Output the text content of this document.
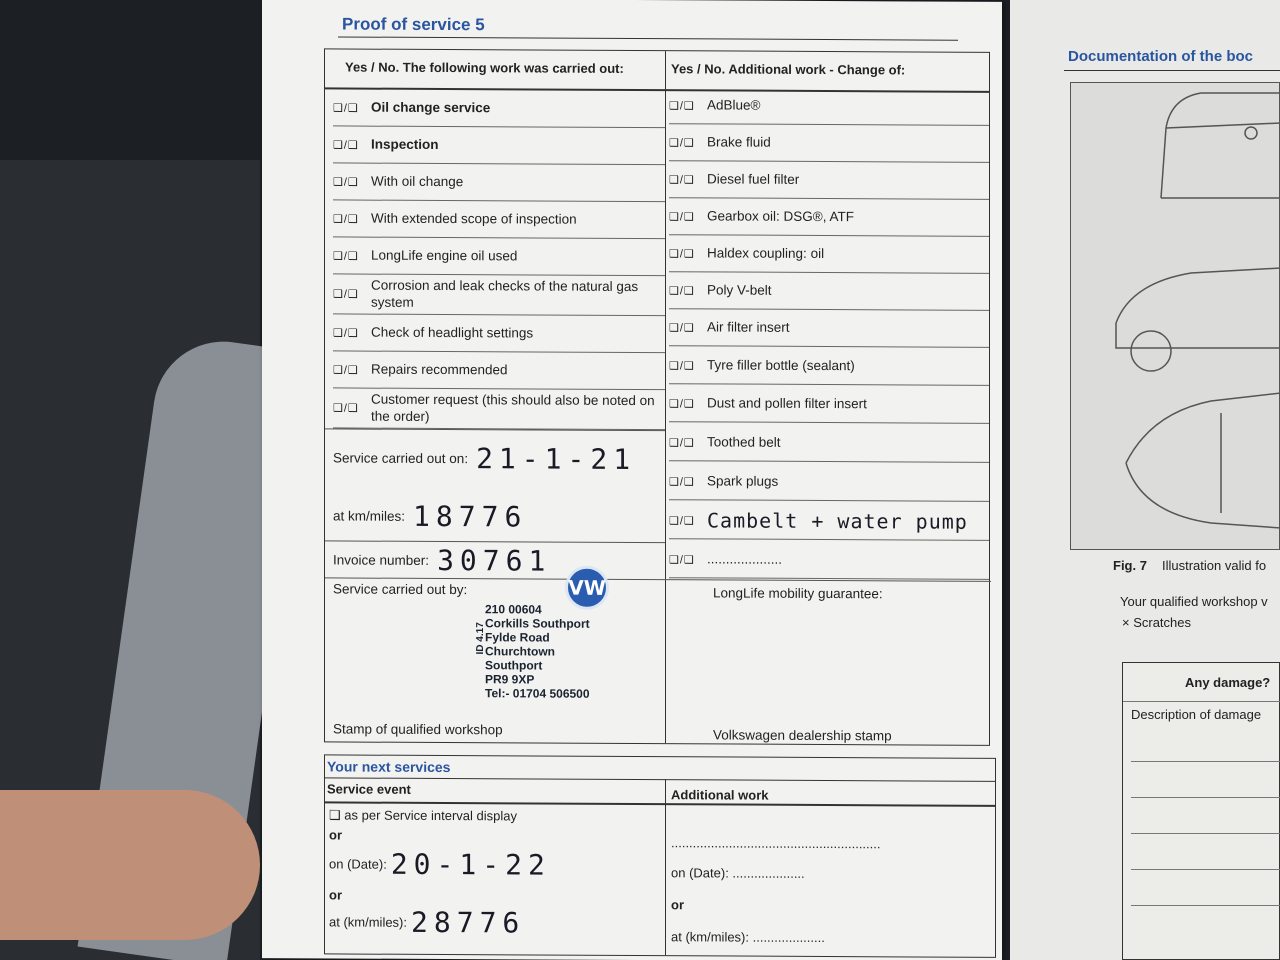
Proof of service 5
Yes / No. The following work was carried out:	Yes / No. Additional work - Change of:
❑/❑ Oil change service
❑/❑ Inspection
❑/❑ With oil change
❑/❑ With extended scope of inspection
❑/❑ LongLife engine oil used
❑/❑
Corrosion and leak checks of the natural gas system
❑/❑ Check of headlight settings
❑/❑ Repairs recommended
❑/❑
Customer request (this should also be noted on the order)
❑/❑ AdBlue®
❑/❑ Brake fluid
❑/❑ Diesel fuel filter
❑/❑ Gearbox oil: DSG®, ATF
❑/❑ Haldex coupling: oil
❑/❑ Poly V-belt
❑/❑ Air filter insert
❑/❑ Tyre filler bottle (sealant)
❑/❑ Dust and pollen filter insert
❑/❑ Toothed belt
❑/❑ Spark plugs
❑/❑ Cambelt + water pump
❑/❑ ....................
Service carried out on: 21-1-21
at km/miles: 18776
Invoice number: 30761
Service carried out by:
Stamp of qualified workshop
VW
ID 4.17
210 00604
Corkills Southport
Fylde Road
Churchtown
Southport
PR9 9XP
Tel:- 01704 506500
LongLife mobility guarantee:
Volkswagen dealership stamp
Your next services
Service event	Additional work
❑ as per Service interval display
or
on (Date): 20-1-22
or
at (km/miles): 28776
..........................................................
on (Date): ....................
or
at (km/miles): ....................
Documentation of the boc
Fig. 7 Illustration valid fo
Your qualified workshop v
× Scratches
Any damage?
Description of damage
